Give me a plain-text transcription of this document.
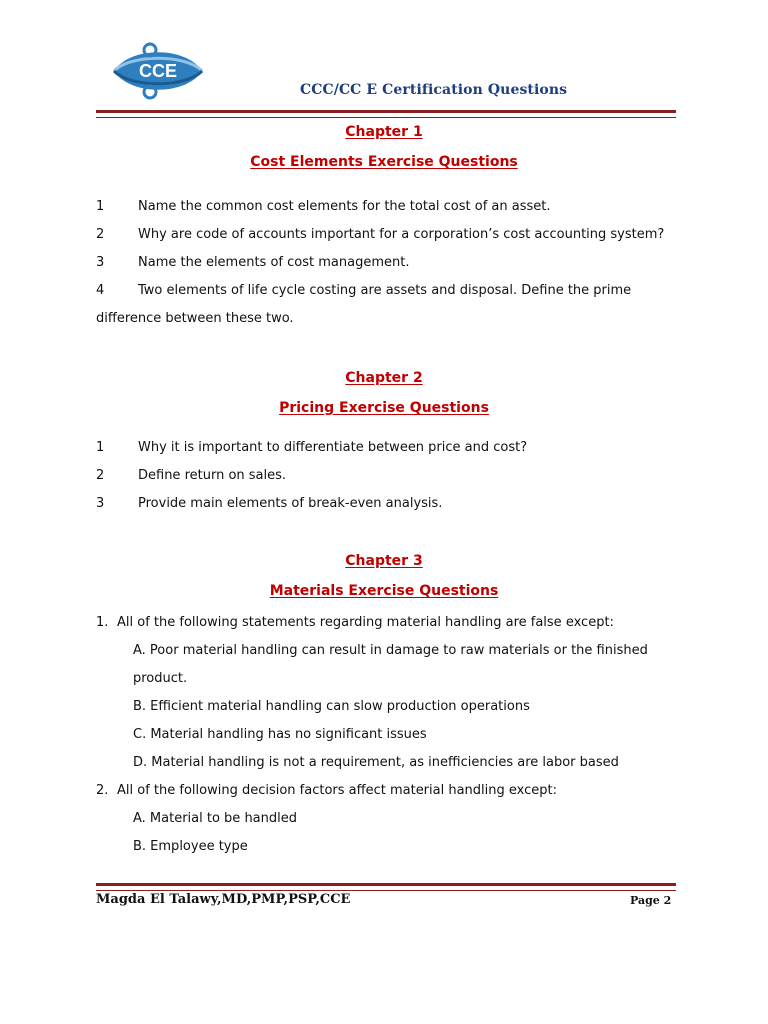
CCE
CCC/CC E Certification Questions
Chapter 1
Cost Elements Exercise Questions
1	Name the common cost elements for the total cost of an asset.
2	Why are code of accounts important for a corporation’s cost accounting system?
3	Name the elements of cost management.
4	Two elements of life cycle costing are assets and disposal. Define the prime
difference between these two.
Chapter 2
Pricing Exercise Questions
1	Why it is important to differentiate between price and cost?
2	Define return on sales.
3	Provide main elements of break-even analysis.
Chapter 3
Materials Exercise Questions
1. All of the following statements regarding material handling are false except:
A. Poor material handling can result in damage to raw materials or the finished
product.
B. Efficient material handling can slow production operations
C. Material handling has no significant issues
D. Material handling is not a requirement, as inefficiencies are labor based
2. All of the following decision factors affect material handling except:
A. Material to be handled
B. Employee type
Magda El Talawy,MD,PMP,PSP,CCE	Page 2
